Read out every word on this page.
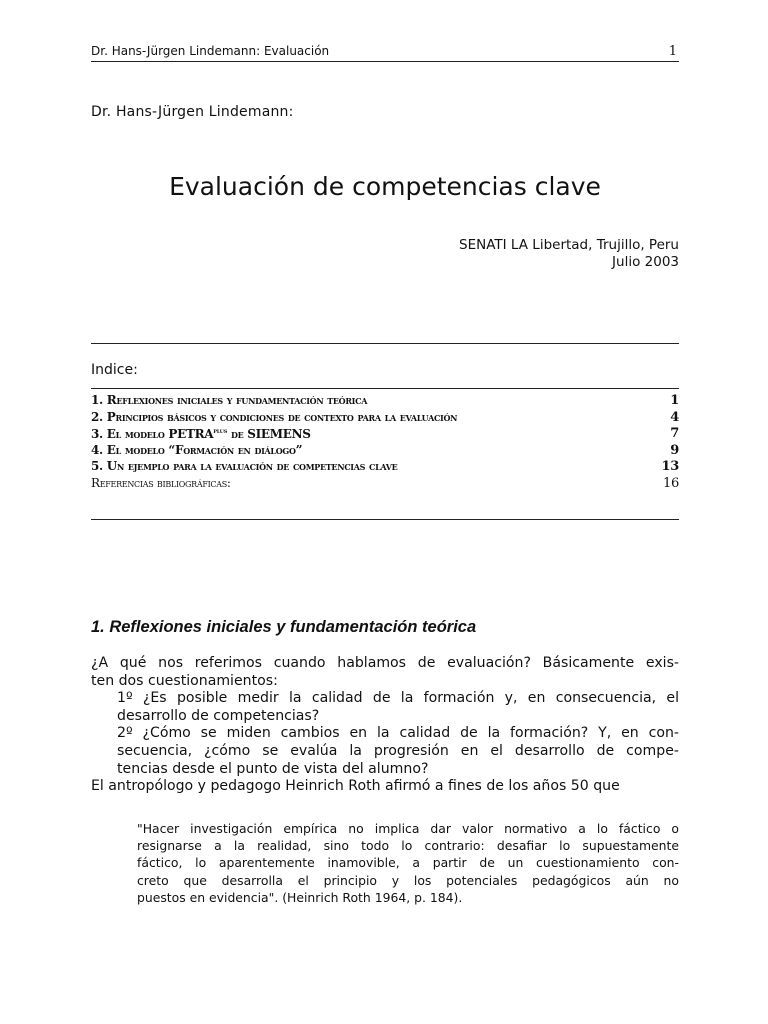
Dr. Hans-Jürgen Lindemann: Evaluación	1
Dr. Hans-Jürgen Lindemann:
Evaluación de competencias clave
SENATI LA Libertad, Trujillo, Peru
Julio 2003
Indice:
1. Reflexiones iniciales y fundamentación teórica	1
2. Principios básicos y condiciones de contexto para la evaluación	4
3. El modelo $PETRA^{plus}$ de SIEMENS	7
4. El modelo “Formación en diálogo”	9
5. Un ejemplo para la evaluación de competencias clave	13
Referencias bibliográficas:	16
1. Reflexiones iniciales y fundamentación teórica

¿A qué nos referimos cuando hablamos de evaluación? Básicamente exis-

ten dos cuestionamientos:

1º ¿Es posible medir la calidad de la formación y, en consecuencia, el

desarrollo de competencias?

2º ¿Cómo se miden cambios en la calidad de la formación? Y, en con-

secuencia, ¿cómo se evalúa la progresión en el desarrollo de compe-

tencias desde el punto de vista del alumno?

El antropólogo y pedagogo Heinrich Roth afirmó a fines de los años 50 que

"Hacer investigación empírica no implica dar valor normativo a lo fáctico o

resignarse a la realidad, sino todo lo contrario: desafiar lo supuestamente

fáctico, lo aparentemente inamovible, a partir de un cuestionamiento con-

creto que desarrolla el principio y los potenciales pedagógicos aún no

puestos en evidencia". (Heinrich Roth 1964, p. 184).
